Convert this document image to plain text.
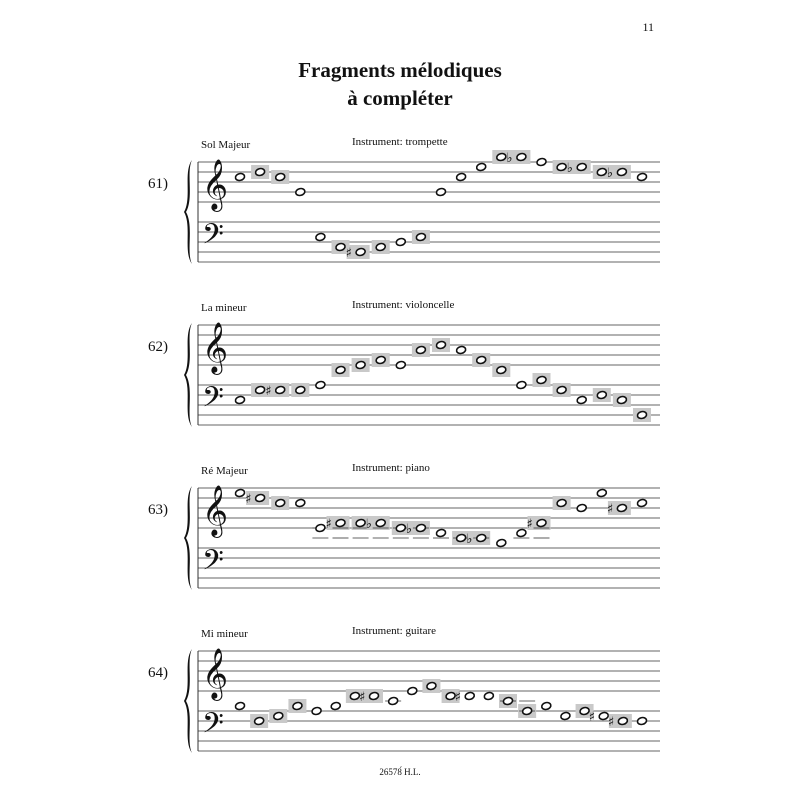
11
Fragments mélodiques
à compléter
Sol Majeur	Instrument: trompette
61) 𝄞
𝄢	♯
♭
♭	♭
La mineur	Instrument: violoncelle
62) 𝄞
𝄢	♯
Ré Majeur	Instrument: piano
63) 𝄞
𝄢
♯
♯	♭	♭
♭
♯
♯
Mi mineur	Instrument: guitare
64) 𝄞
𝄢
♯	♯
♯ ♯
26578́ H.L.
